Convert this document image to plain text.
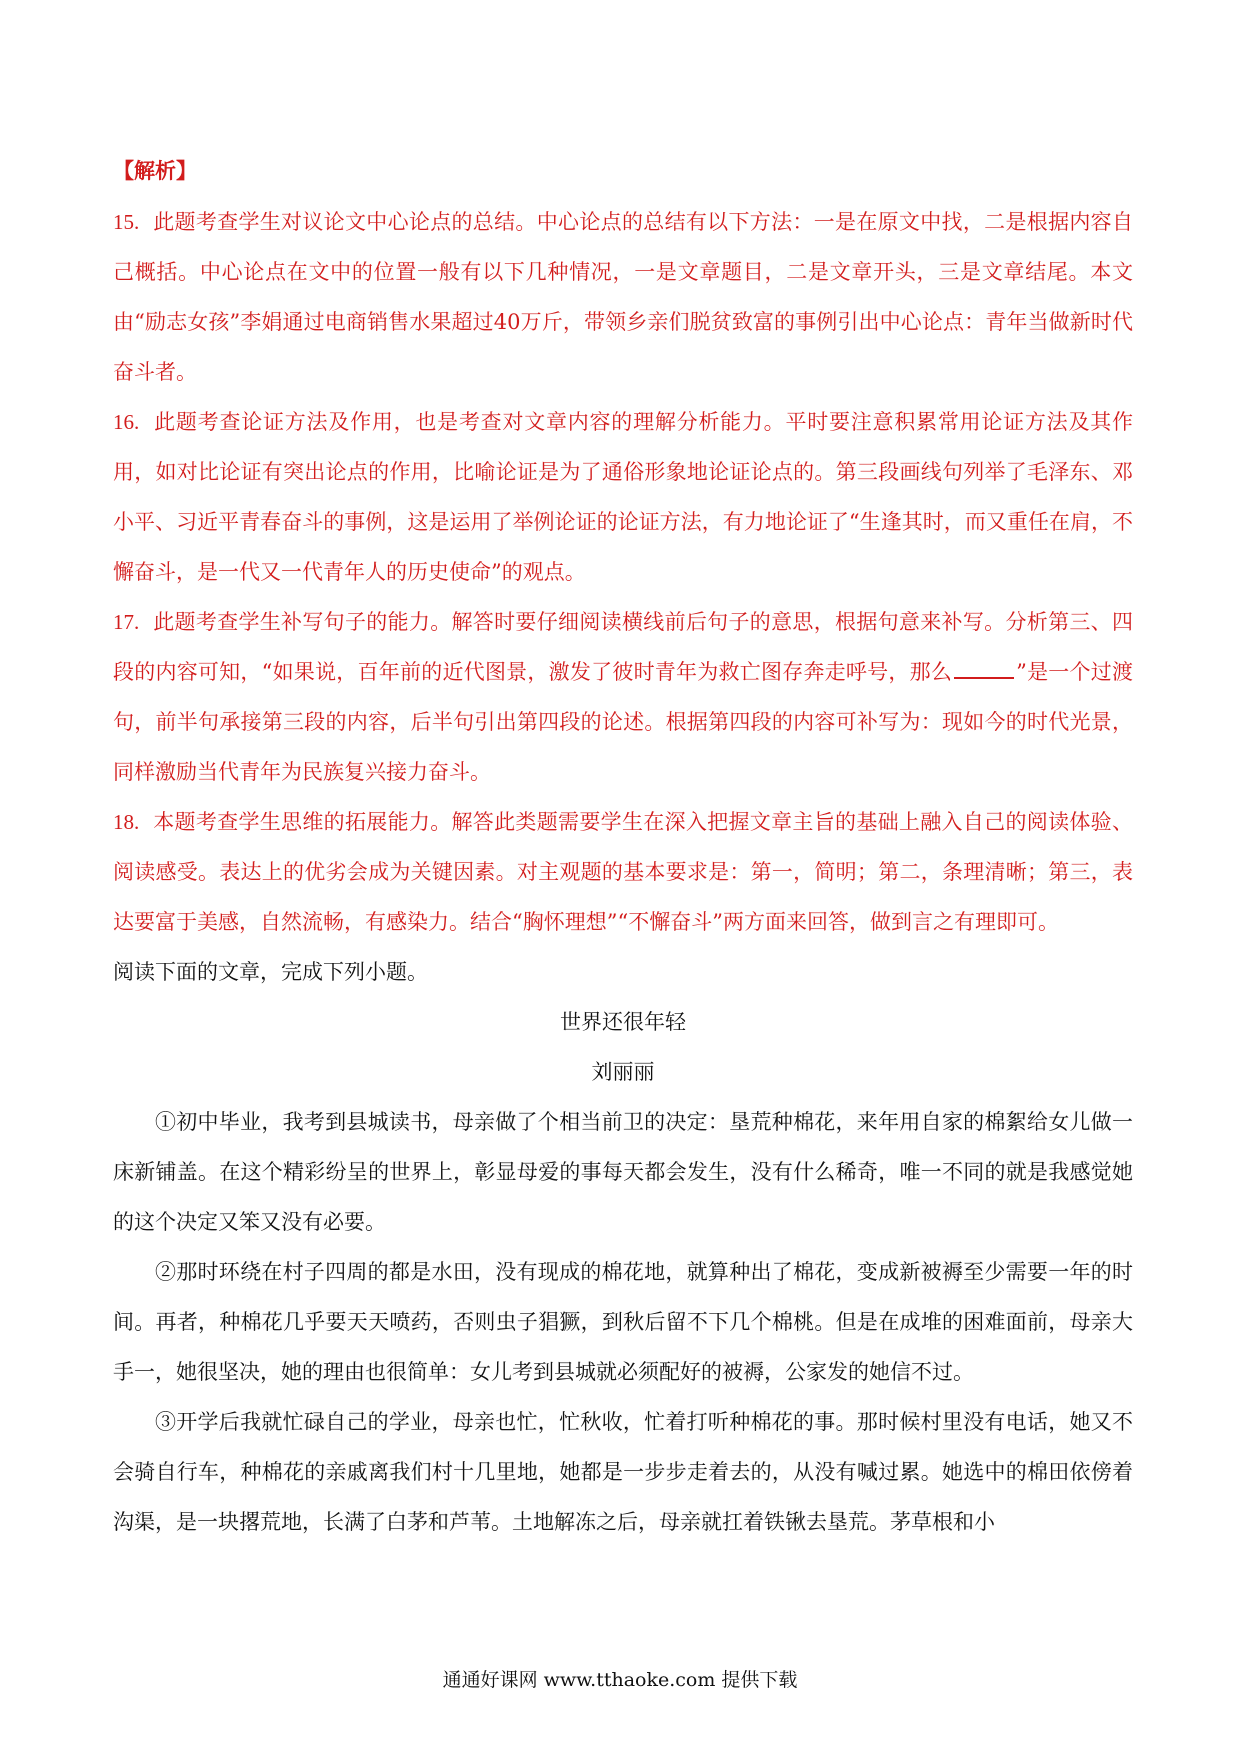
【解析】

15. 此题考查学生对议论文中心论点的总结。中心论点的总结有以下方法：一是在原文中找，二是根据内容自己概括。中心论点在文中的位置一般有以下几种情况，一是文章题目，二是文章开头，三是文章结尾。本文由“励志女孩”李娟通过电商销售水果超过40万斤，带领乡亲们脱贫致富的事例引出中心论点：青年当做新时代奋斗者。

16. 此题考查论证方法及作用，也是考查对文章内容的理解分析能力。平时要注意积累常用论证方法及其作用，如对比论证有突出论点的作用，比喻论证是为了通俗形象地论证论点的。第三段画线句列举了毛泽东、邓小平、习近平青春奋斗的事例，这是运用了举例论证的论证方法，有力地论证了“生逢其时，而又重任在肩，不懈奋斗，是一代又一代青年人的历史使命”的观点。

17. 此题考查学生补写句子的能力。解答时要仔细阅读横线前后句子的意思，根据句意来补写。分析第三、四段的内容可知，“如果说，百年前的近代图景，激发了彼时青年为救亡图存奔走呼号，那么	”是一个过渡句，前半句承接第三段的内容，后半句引出第四段的论述。根据第四段的内容可补写为：现如今的时代光景，同样激励当代青年为民族复兴接力奋斗。

18. 本题考查学生思维的拓展能力。解答此类题需要学生在深入把握文章主旨的基础上融入自己的阅读体验、阅读感受。表达上的优劣会成为关键因素。对主观题的基本要求是：第一，简明；第二，条理清晰；第三，表达要富于美感，自然流畅，有感染力。结合“胸怀理想”“不懈奋斗”两方面来回答，做到言之有理即可。

阅读下面的文章，完成下列小题。

世界还很年轻

刘丽丽

①初中毕业，我考到县城读书，母亲做了个相当前卫的决定：垦荒种棉花，来年用自家的棉絮给女儿做一床新铺盖。在这个精彩纷呈的世界上，彰显母爱的事每天都会发生，没有什么稀奇，唯一不同的就是我感觉她的这个决定又笨又没有必要。

②那时环绕在村子四周的都是水田，没有现成的棉花地，就算种出了棉花，变成新被褥至少需要一年的时间。再者，种棉花几乎要天天喷药，否则虫子猖獗，到秋后留不下几个棉桃。但是在成堆的困难面前，母亲大手一，她很坚决，她的理由也很简单：女儿考到县城就必须配好的被褥，公家发的她信不过。

③开学后我就忙碌自己的学业，母亲也忙，忙秋收，忙着打听种棉花的事。那时候村里没有电话，她又不会骑自行车，种棉花的亲戚离我们村十几里地，她都是一步步走着去的，从没有喊过累。她选中的棉田依傍着沟渠，是一块撂荒地，长满了白茅和芦苇。土地解冻之后，母亲就扛着铁锹去垦荒。茅草根和小

通通好课网 www.tthaoke.com 提供下载
